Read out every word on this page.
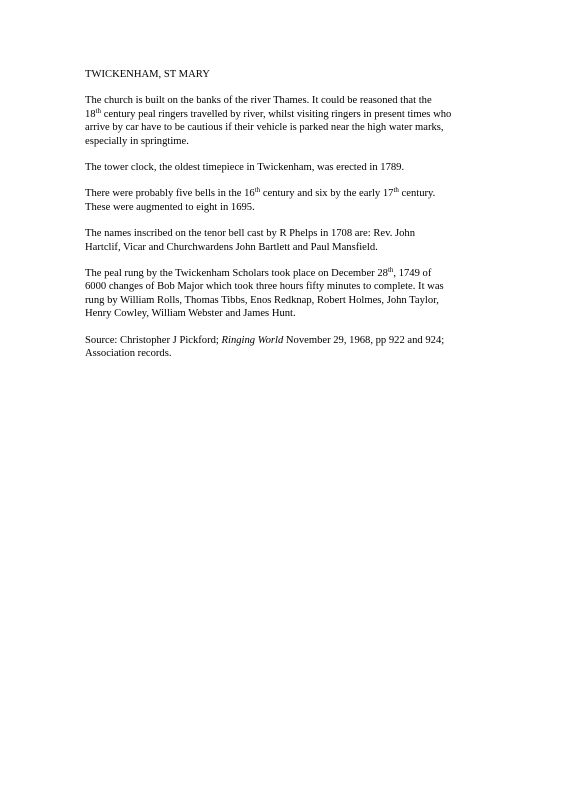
TWICKENHAM, ST MARY

The church is built on the banks of the river Thames. It could be reasoned that the
18th century peal ringers travelled by river, whilst visiting ringers in present times who
arrive by car have to be cautious if their vehicle is parked near the high water marks,
especially in springtime.

The tower clock, the oldest timepiece in Twickenham, was erected in 1789.

There were probably five bells in the 16th century and six by the early 17th century.
These were augmented to eight in 1695.

The names inscribed on the tenor bell cast by R Phelps in 1708 are: Rev. John
Hartclif, Vicar and Churchwardens John Bartlett and Paul Mansfield.

The peal rung by the Twickenham Scholars took place on December 28th, 1749 of
6000 changes of Bob Major which took three hours fifty minutes to complete. It was
rung by William Rolls, Thomas Tibbs, Enos Redknap, Robert Holmes, John Taylor,
Henry Cowley, William Webster and James Hunt.

Source: Christopher J Pickford; Ringing World November 29, 1968, pp 922 and 924;
Association records.
